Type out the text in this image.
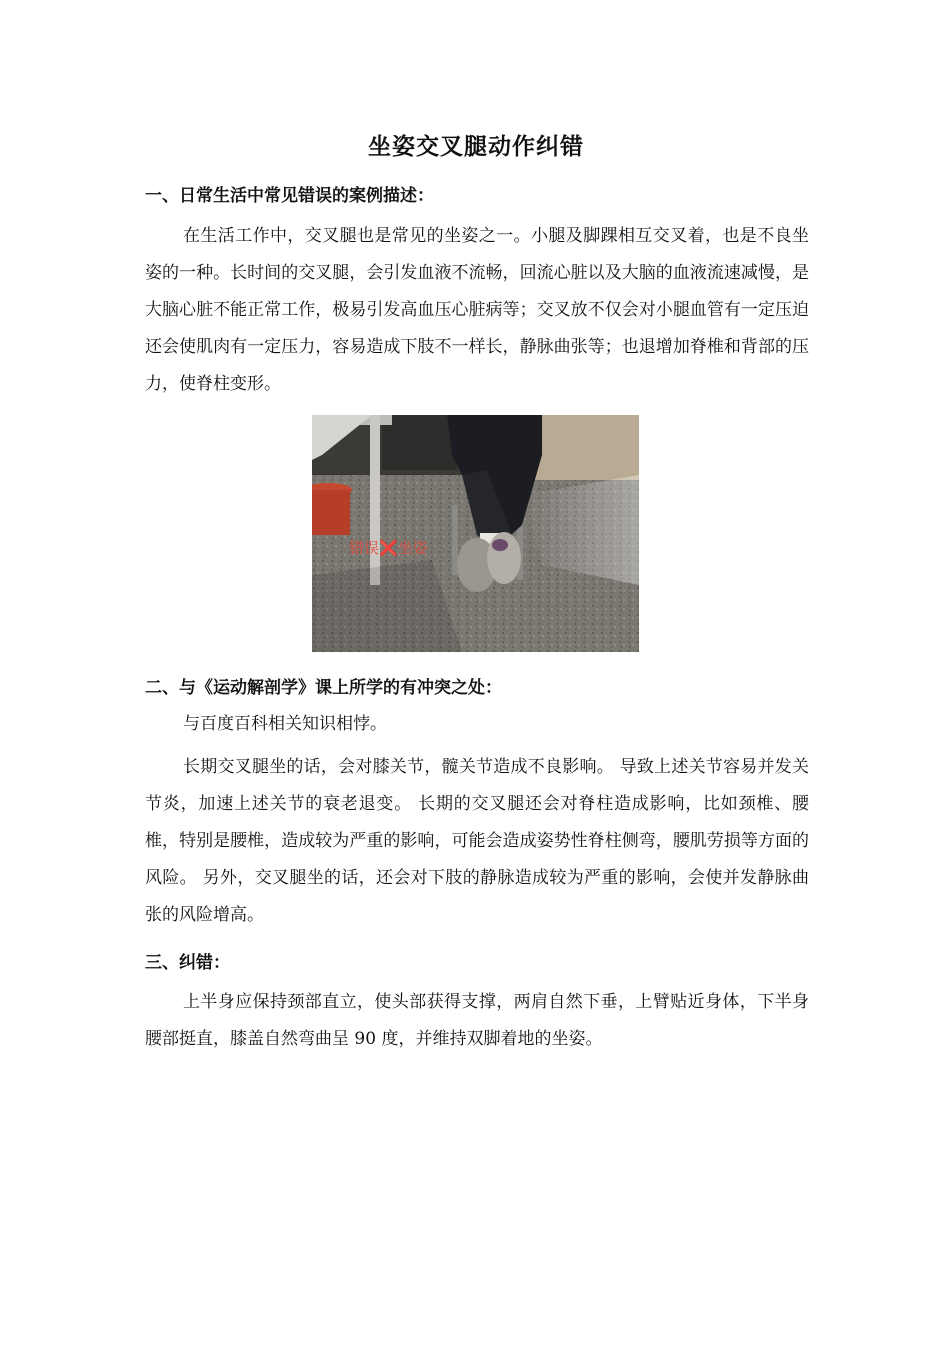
坐姿交叉腿动作纠错
一、日常生活中常见错误的案例描述：

在生活工作中，交叉腿也是常见的坐姿之一。小腿及脚踝相互交叉着，也是不良坐姿的一种。长时间的交叉腿，会引发血液不流畅，回流心脏以及大脑的血液流速减慢，是大脑心脏不能正常工作，极易引发高血压心脏病等；交叉放不仅会对小腿血管有一定压迫还会使肌肉有一定压力，容易造成下肢不一样长，静脉曲张等；也退增加脊椎和背部的压力，使脊柱变形。

错误❌坐姿
二、与《运动解剖学》课上所学的有冲突之处：

与百度百科相关知识相悖。

长期交叉腿坐的话，会对膝关节，髋关节造成不良影响。 导致上述关节容易并发关节炎，加速上述关节的衰老退变。 长期的交叉腿还会对脊柱造成影响，比如颈椎、腰椎，特别是腰椎，造成较为严重的影响，可能会造成姿势性脊柱侧弯，腰肌劳损等方面的风险。 另外，交叉腿坐的话，还会对下肢的静脉造成较为严重的影响，会使并发静脉曲张的风险增高。

三、纠错：

上半身应保持颈部直立，使头部获得支撑，两肩自然下垂，上臂贴近身体，下半身腰部挺直，膝盖自然弯曲呈 90 度，并维持双脚着地的坐姿。
